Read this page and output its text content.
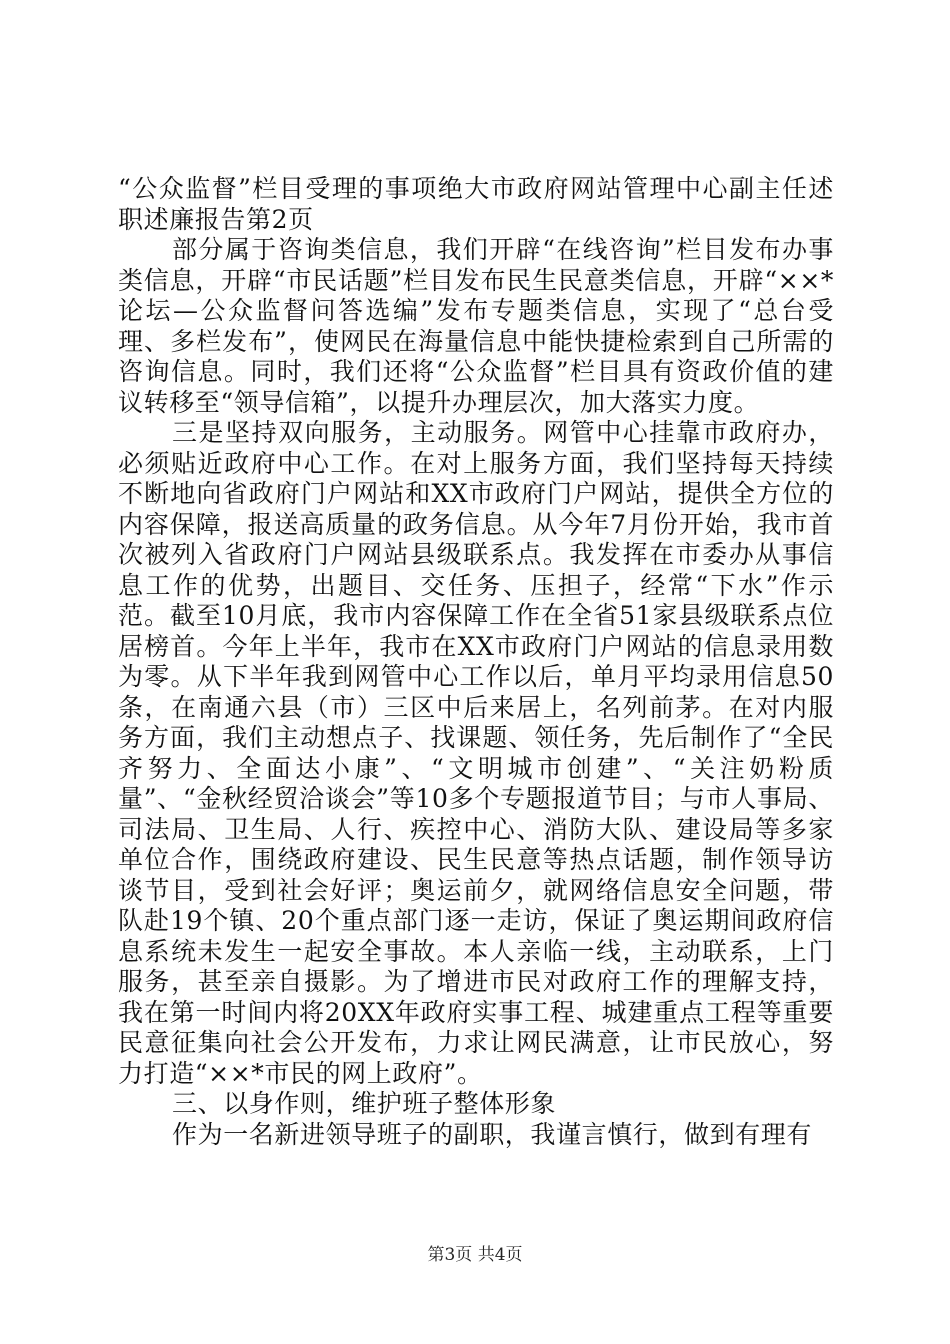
“公众监督”栏目受理的事项绝大市政府网站管理中心副主任述职述廉报告第2页

部分属于咨询类信息，我们开辟“在线咨询”栏目发布办事类信息，开辟“市民话题”栏目发布民生民意类信息，开辟“××*论坛—公众监督问答选编”发布专题类信息，实现了“总台受理、多栏发布”，使网民在海量信息中能快捷检索到自己所需的咨询信息。同时，我们还将“公众监督”栏目具有资政价值的建议转移至“领导信箱”，以提升办理层次，加大落实力度。

三是坚持双向服务，主动服务。网管中心挂靠市政府办，必须贴近政府中心工作。在对上服务方面，我们坚持每天持续不断地向省政府门户网站和XX市政府门户网站，提供全方位的内容保障，报送高质量的政务信息。从今年7月份开始，我市首次被列入省政府门户网站县级联系点。我发挥在市委办从事信息工作的优势，出题目、交任务、压担子，经常“下水”作示范。截至10月底，我市内容保障工作在全省51家县级联系点位居榜首。今年上半年，我市在XX市政府门户网站的信息录用数为零。从下半年我到网管中心工作以后，单月平均录用信息50条，在南通六县（市）三区中后来居上，名列前茅。在对内服务方面，我们主动想点子、找课题、领任务，先后制作了“全民齐努力、全面达小康”、“文明城市创建”、“关注奶粉质量”、“金秋经贸洽谈会”等10多个专题报道节目；与市人事局、司法局、卫生局、人行、疾控中心、消防大队、建设局等多家单位合作，围绕政府建设、民生民意等热点话题，制作领导访谈节目，受到社会好评；奥运前夕，就网络信息安全问题，带队赴19个镇、20个重点部门逐一走访，保证了奥运期间政府信息系统未发生一起安全事故。本人亲临一线，主动联系，上门服务，甚至亲自摄影。为了增进市民对政府工作的理解支持，我在第一时间内将20XX年政府实事工程、城建重点工程等重要民意征集向社会公开发布，力求让网民满意，让市民放心，努力打造“××*市民的网上政府”。

三、以身作则，维护班子整体形象

作为一名新进领导班子的副职，我谨言慎行，做到有理有

第3页 共4页
